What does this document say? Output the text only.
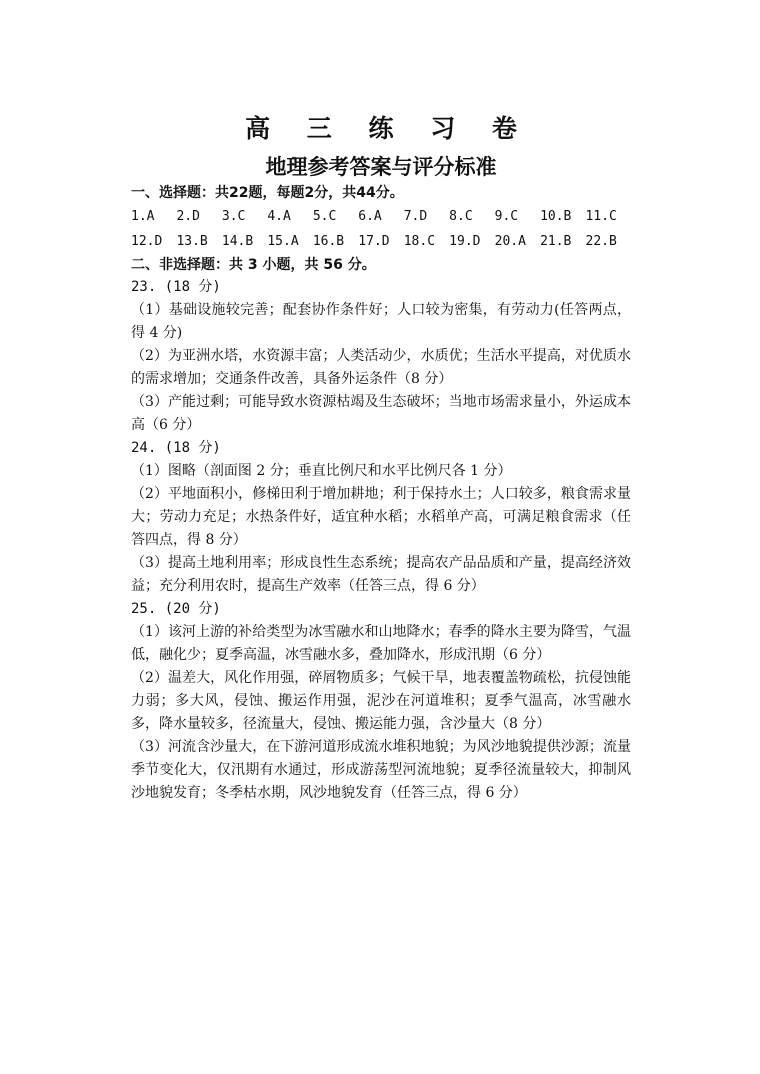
高 三 练 习 卷
地理参考答案与评分标准
一、选择题：共22题，每题2分，共44分。
1.A	2.D	3.C	4.A	5.C	6.A	7.D	8.C	9.C	10.B	11.C
12.D	13.B	14.B	15.A	16.B	17.D	18.C	19.D	20.A	21.B	22.B
二、非选择题：共 3 小题，共 56 分。
23. (18 分)
（1）基础设施较完善；配套协作条件好；人口较为密集，有劳动力(任答两点，得 4 分)
（2）为亚洲水塔，水资源丰富；人类活动少，水质优；生活水平提高，对优质水的需求增加；交通条件改善，具备外运条件（8 分）
（3）产能过剩；可能导致水资源枯竭及生态破坏；当地市场需求量小，外运成本高（6 分）
24. (18 分)
（1）图略（剖面图 2 分；垂直比例尺和水平比例尺各 1 分）
（2）平地面积小，修梯田利于增加耕地；利于保持水土；人口较多，粮食需求量大；劳动力充足；水热条件好，适宜种水稻；水稻单产高，可满足粮食需求（任答四点，得 8 分）
（3）提高土地利用率；形成良性生态系统；提高农产品品质和产量，提高经济效益；充分利用农时，提高生产效率（任答三点，得 6 分）
25. (20 分)
（1）该河上游的补给类型为冰雪融水和山地降水；春季的降水主要为降雪，气温低，融化少；夏季高温，冰雪融水多，叠加降水，形成汛期（6 分）
（2）温差大，风化作用强，碎屑物质多；气候干旱，地表覆盖物疏松，抗侵蚀能力弱；多大风，侵蚀、搬运作用强，泥沙在河道堆积；夏季气温高，冰雪融水多，降水量较多，径流量大，侵蚀、搬运能力强，含沙量大（8 分）
（3）河流含沙量大，在下游河道形成流水堆积地貌；为风沙地貌提供沙源；流量季节变化大，仅汛期有水通过，形成游荡型河流地貌；夏季径流量较大，抑制风沙地貌发育；冬季枯水期，风沙地貌发育（任答三点，得 6 分）
